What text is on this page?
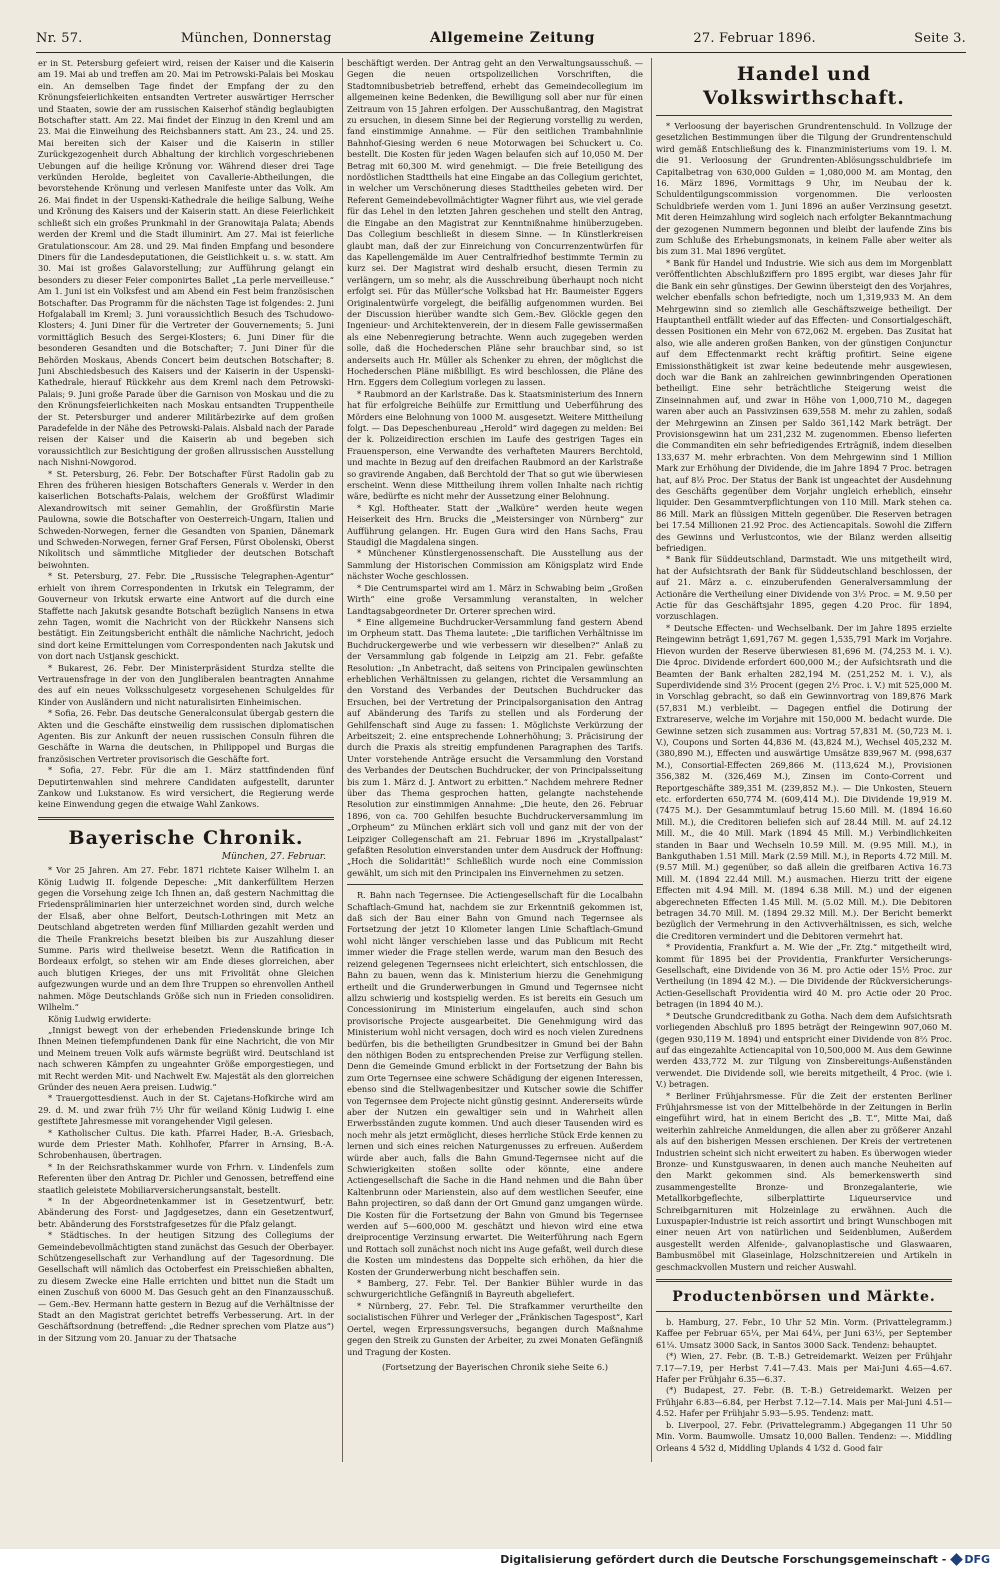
Nr. 57.	München, Donnerstag	Allgemeine Zeitung	27. Februar 1896.	Seite 3.

er in St. Petersburg gefeiert wird, reisen der Kaiser und die Kaiserin am 19. Mai ab und treffen am 20. Mai im Petrowski-Palais bei Moskau ein. An demselben Tage findet der Empfang der zu den Krönungsfeierlichkeiten entsandten Vertreter auswärtiger Herrscher und Staaten, sowie der am russischen Kaiserhof ständig beglaubigten Botschafter statt. Am 22. Mai findet der Einzug in den Kreml und am 23. Mai die Einweihung des Reichsbanners statt. Am 23., 24. und 25. Mai bereiten sich der Kaiser und die Kaiserin in stiller Zurückgezogenheit durch Abhaltung der kirchlich vorgeschriebenen Uebungen auf die heilige Krönung vor. Während dieser drei Tage verkünden Herolde, begleitet von Cavallerie-Abtheilungen, die bevorstehende Krönung und verlesen Manifeste unter das Volk. Am 26. Mai findet in der Uspenski-Kathedrale die heilige Salbung, Weihe und Krönung des Kaisers und der Kaiserin statt. An diese Feierlichkeit schließt sich ein großes Prunkmahl in der Granowitaja Palata; Abends werden der Kreml und die Stadt illuminirt. Am 27. Mai ist feierliche Gratulationscour. Am 28. und 29. Mai finden Empfang und besondere Diners für die Landesdeputationen, die Geistlichkeit u. s. w. statt. Am 30. Mai ist großes Galavorstellung; zur Aufführung gelangt ein besonders zu dieser Feier componirtes Ballet „La perle merveilleuse.“ Am 1. Juni ist ein Volksfest und am Abend ein Fest beim französischen Botschafter. Das Programm für die nächsten Tage ist folgendes: 2. Juni Hofgalaball im Kreml; 3. Juni voraussichtlich Besuch des Tschudowo-Klosters; 4. Juni Diner für die Vertreter der Gouvernements; 5. Juni vormittäglich Besuch des Sergei-Klosters; 6. Juni Diner für die besonderen Gesandten und die Botschafter; 7. Juni Diner für die Behörden Moskaus, Abends Concert beim deutschen Botschafter; 8. Juni Abschiedsbesuch des Kaisers und der Kaiserin in der Uspenski-Kathedrale, hierauf Rückkehr aus dem Kreml nach dem Petrowski-Palais; 9. Juni große Parade über die Garnison von Moskau und die zu den Krönungsfeierlichkeiten nach Moskau entsandten Truppentheile der St. Petersburger und anderer Militärbezirke auf dem großen Paradefelde in der Nähe des Petrowski-Palais. Alsbald nach der Parade reisen der Kaiser und die Kaiserin ab und begeben sich voraussichtlich zur Besichtigung der großen allrussischen Ausstellung nach Nishni-Nowgorod.

* St. Petersburg, 26. Febr. Der Botschafter Fürst Radolin gab zu Ehren des früheren hiesigen Botschafters Generals v. Werder in den kaiserlichen Botschafts-Palais, welchem der Großfürst Wladimir Alexandrowitsch mit seiner Gemahlin, der Großfürstin Marie Paulowna, sowie die Botschafter von Oesterreich-Ungarn, Italien und Schweden-Norwegen, ferner die Gesandten von Spanien, Dänemark und Schweden-Norwegen, ferner Graf Fersen, Fürst Obolenski, Oberst Nikolitsch und sämmtliche Mitglieder der deutschen Botschaft beiwohnten.

* St. Petersburg, 27. Febr. Die „Russische Telegraphen-Agentur“ erhielt von ihrem Correspondenten in Irkutsk ein Telegramm, der Gouverneur von Irkutsk erwarte eine Antwort auf die durch eine Staffette nach Jakutsk gesandte Botschaft bezüglich Nansens in etwa zehn Tagen, womit die Nachricht von der Rückkehr Nansens sich bestätigt. Ein Zeitungsbericht enthält die nämliche Nachricht, jedoch sind dort keine Ermittelungen vom Correspondenten nach Jakutsk und von dort nach Ustjansk geschickt.

* Bukarest, 26. Febr. Der Ministerpräsident Sturdza stellte die Vertrauensfrage in der von den Jungliberalen beantragten Annahme des auf ein neues Volksschulgesetz vorgesehenen Schulgeldes für Kinder von Ausländern und nicht naturalisirten Einheimischen.

* Sofia, 26. Febr. Das deutsche Generalconsulat übergab gestern die Akten und die Geschäfte einstweilig dem russischen diplomatischen Agenten. Bis zur Ankunft der neuen russischen Consuln führen die Geschäfte in Warna die deutschen, in Philippopel und Burgas die französischen Vertreter provisorisch die Geschäfte fort.

* Sofia, 27. Febr. Für die am 1. März stattfindenden fünf Deputirtenwahlen sind mehrere Candidaten aufgestellt, darunter Zankow und Lukstanow. Es wird versichert, die Regierung werde keine Einwendung gegen die etwaige Wahl Zankows.

Bayerische Chronik.
München, 27. Februar.

* Vor 25 Jahren. Am 27. Febr. 1871 richtete Kaiser Wilhelm I. an König Ludwig II. folgende Depesche: „Mit dankerfülltem Herzen gegen die Vorsehung zeige Ich Ihnen an, daß gestern Nachmittag die Friedenspräliminarien hier unterzeichnet worden sind, durch welche der Elsaß, aber ohne Belfort, Deutsch-Lothringen mit Metz an Deutschland abgetreten werden fünf Milliarden gezahlt werden und die Theile Frankreichs besetzt bleiben bis zur Auszahlung dieser Summe. Paris wird theilweise besetzt. Wenn die Ratification in Bordeaux erfolgt, so stehen wir am Ende dieses glorreichen, aber auch blutigen Krieges, der uns mit Frivolität ohne Gleichen aufgezwungen wurde und an dem Ihre Truppen so ehrenvollen Antheil nahmen. Möge Deutschlands Größe sich nun in Frieden consolidiren. Wilhelm.“

König Ludwig erwiderte:

„Innigst bewegt von der erhebenden Friedenskunde bringe Ich Ihnen Meinen tiefempfundenen Dank für eine Nachricht, die von Mir und Meinem treuen Volk aufs wärmste begrüßt wird. Deutschland ist nach schweren Kämpfen zu ungeahnter Größe emporgestiegen, und mit Recht werden Mit- und Nachwelt Ew. Majestät als den glorreichen Gründer des neuen Aera preisen. Ludwig.“

* Trauergottesdienst. Auch in der St. Cajetans-Hofkirche wird am 29. d. M. und zwar früh 7½ Uhr für weiland König Ludwig I. eine gestiftete Jahresmesse mit vorangehender Vigil gelesen.

* Katholischer Cultus. Die kath. Pfarrei Hader, B.-A. Griesbach, wurde dem Priester Math. Kohlhofer, Pfarrer in Arnsing, B.-A. Schrobenhausen, übertragen.

* In der Reichsrathskammer wurde von Frhrn. v. Lindenfels zum Referenten über den Antrag Dr. Pichler und Genossen, betreffend eine staatlich geleistete Mobiliarversicherungsanstalt, bestellt.

* In der Abgeordnetenkammer ist in Gesetzentwurf, betr. Abänderung des Forst- und Jagdgesetzes, dann ein Gesetzentwurf, betr. Abänderung des Forststrafgesetzes für die Pfalz gelangt.

* Städtisches. In der heutigen Sitzung des Collegiums der Gemeindebevollmächtigten stand zunächst das Gesuch der Oberbayer. Schützengesellschaft zur Verhandlung auf der Tagesordnung. Die Gesellschaft will nämlich das Octoberfest ein Preisschießen abhalten, zu diesem Zwecke eine Halle errichten und bittet nun die Stadt um einen Zuschuß von 6000 M. Das Gesuch geht an den Finanzausschuß. — Gem.-Bev. Hermann hatte gestern in Bezug auf die Verhältnisse der Stadt an den Magistrat gerichtet betreffs Verbesserung. Art. in der Geschäftsordnung (betreffend: „die Redner sprechen vom Platze aus“) in der Sitzung vom 20. Januar zu der Thatsache

beschäftigt werden. Der Antrag geht an den Verwaltungsausschuß. — Gegen die neuen ortspolizeilichen Vorschriften, die Stadtomnibusbetrieb betreffend, erhebt das Gemeindecollegium im allgemeinen keine Bedenken, die Bewilligung soll aber nur für einen Zeitraum von 15 Jahren erfolgen. Der Ausschußantrag, den Magistrat zu ersuchen, in diesem Sinne bei der Regierung vorstellig zu werden, fand einstimmige Annahme. — Für den seitlichen Trambahnlinie Bahnhof-Giesing werden 6 neue Motorwagen bei Schuckert u. Co. bestellt. Die Kosten für jeden Wagen belaufen sich auf 10,050 M. Der Betrag mit 60,300 M. wird genehmigt. — Die freie Beteiligung des nordöstlichen Stadttheils hat eine Eingabe an das Collegium gerichtet, in welcher um Verschönerung dieses Stadttheiles gebeten wird. Der Referent Gemeindebevollmächtigter Wagner führt aus, wie viel gerade für das Lehel in den letzten Jahren geschehen und stellt den Antrag, die Eingabe an den Magistrat zur Kenntnißnahme hinüberzugeben. Das Collegium beschließt in diesem Sinne. — In Künstlerkreisen glaubt man, daß der zur Einreichung von Concurrenzentwürfen für das Kapellengemälde im Auer Centralfriedhof bestimmte Termin zu kurz sei. Der Magistrat wird deshalb ersucht, diesen Termin zu verlängern, um so mehr, als die Ausschreibung überhaupt noch nicht erfolgt sei. Für das Müller'sche Volksbad hat Hr. Baumeister Eggers Originalentwürfe vorgelegt, die beifällig aufgenommen wurden. Bei der Discussion hierüber wandte sich Gem.-Bev. Glöckle gegen den Ingenieur- und Architektenverein, der in diesem Falle gewissermaßen als eine Nebenregierung betrachte. Wenn auch zugegeben werden solle, daß die Hochederschen Pläne sehr brauchbar sind, so ist anderseits auch Hr. Müller als Schenker zu ehren, der möglichst die Hochederschen Pläne mißbilligt. Es wird beschlossen, die Pläne des Hrn. Eggers dem Collegium vorlegen zu lassen.

* Raubmord an der Karlstraße. Das k. Staatsministerium des Innern hat für erfolgreiche Beihülfe zur Ermittlung und Ueberführung des Mörders eine Belohnung von 1000 M. ausgesetzt. Weitere Mittheilung folgt. — Das Depeschenbureau „Herold“ wird dagegen zu melden: Bei der k. Polizeidirection erschien im Laufe des gestrigen Tages ein Frauensperson, eine Verwandte des verhafteten Maurers Berchtold, und machte in Bezug auf den dreifachen Raubmord an der Karlstraße so gravirende Angaben, daß Berchtold der That so gut wie überwiesen erscheint. Wenn diese Mittheilung ihrem vollen Inhalte nach richtig wäre, bedürfte es nicht mehr der Aussetzung einer Belohnung.

* Kgl. Hoftheater. Statt der „Walküre“ werden heute wegen Heiserkeit des Hrn. Brucks die „Meistersinger von Nürnberg“ zur Aufführung gelangen. Hr. Eugen Gura wird den Hans Sachs, Frau Staudigl die Magdalena singen.

* Münchener Künstlergenossenschaft. Die Ausstellung aus der Sammlung der Historischen Commission am Königsplatz wird Ende nächster Woche geschlossen.

* Die Centrumspartei wird am 1. März in Schwabing beim „Großen Wirth“ eine große Versammlung veranstalten, in welcher Landtagsabgeordneter Dr. Orterer sprechen wird.

* Eine allgemeine Buchdrucker-Versammlung fand gestern Abend im Orpheum statt. Das Thema lautete: „Die tariflichen Verhältnisse im Buchdruckergewerbe und wie verbessern wir dieselben?“ Anlaß zu der Versammlung gab folgende in Leipzig am 21. Febr. gefaßte Resolution: „In Anbetracht, daß seitens von Principalen gewünschten erheblichen Verhältnissen zu gelangen, richtet die Versammlung an den Vorstand des Verbandes der Deutschen Buchdrucker das Ersuchen, bei der Vertretung der Principalsorganisation den Antrag auf Abänderung des Tarifs zu stellen und als Forderung der Gehilfenschaft sind Auge zu fassen: 1. Möglichste Verkürzung der Arbeitszeit; 2. eine entsprechende Lohnerhöhung; 3. Präcisirung der durch die Praxis als streitig empfundenen Paragraphen des Tarifs. Unter vorstehende Anträge ersucht die Versammlung den Vorstand des Verbandes der Deutschen Buchdrucker, der von Principalsseitung bis zum 1. März d. J. Antwort zu erbitten.“ Nachdem mehrere Redner über das Thema gesprochen hatten, gelangte nachstehende Resolution zur einstimmigen Annahme: „Die heute, den 26. Februar 1896, von ca. 700 Gehilfen besuchte Buchdruckerversammlung im „Orpheum“ zu München erklärt sich voll und ganz mit der von der Leipziger Collegenschaft am 21. Februar 1896 im „Krystallpalast“ gefaßten Resolution einverstanden unter dem Ausdruck der Hoffnung: „Hoch die Solidarität!“ Schließlich wurde noch eine Commission gewählt, um sich mit den Principalen ins Einvernehmen zu setzen.

R. Bahn nach Tegernsee. Die Actiengesellschaft für die Localbahn Schaftlach-Gmund hat, nachdem sie zur Erkenntniß gekommen ist, daß sich der Bau einer Bahn von Gmund nach Tegernsee als Fortsetzung der jetzt 10 Kilometer langen Linie Schaftlach-Gmund wohl nicht länger verschieben lasse und das Publicum mit Recht immer wieder die Frage stellen werde, warum man den Besuch des reizend gelegenen Tegernsees nicht erleichtert, sich entschlossen, die Bahn zu bauen, wenn das k. Ministerium hierzu die Genehmigung ertheilt und die Grunderwerbungen in Gmund und Tegernsee nicht allzu schwierig und kostspielig werden. Es ist bereits ein Gesuch um Concessionirung im Ministerium eingelaufen, auch sind schon provisorische Projecte ausgearbeitet. Die Genehmigung wird das Ministerium wohl nicht versagen, doch wird es noch vielen Zurednens bedürfen, bis die betheiligten Grundbesitzer in Gmund bei der Bahn den nöthigen Boden zu entsprechenden Preise zur Verfügung stellen. Denn die Gemeinde Gmund erblickt in der Fortsetzung der Bahn bis zum Orte Tegernsee eine schwere Schädigung der eigenen Interessen, ebenso sind die Stellwagenbesitzer und Kutscher sowie die Schiffer von Tegernsee dem Projecte nicht günstig gesinnt. Andererseits würde aber der Nutzen ein gewaltiger sein und in Wahrheit allen Erwerbsständen zugute kommen. Und auch dieser Tausenden wird es noch mehr als jetzt ermöglicht, dieses herrliche Stück Erde kennen zu lernen und sich eines reichen Naturgenusses zu erfreuen. Außerdem würde aber auch, falls die Bahn Gmund-Tegernsee nicht auf die Schwierigkeiten stoßen sollte oder könnte, eine andere Actiengesellschaft die Sache in die Hand nehmen und die Bahn über Kaltenbrunn oder Marienstein, also auf dem westlichen Seeufer, eine Bahn projectiren, so daß dann der Ort Gmund ganz umgangen würde. Die Kosten für die Fortsetzung der Bahn von Gmund bis Tegernsee werden auf 5—600,000 M. geschätzt und hievon wird eine etwa dreiprocentige Verzinsung erwartet. Die Weiterführung nach Egern und Rottach soll zunächst noch nicht ins Auge gefaßt, weil durch diese die Kosten um mindestens das Doppelte sich erhöhen, da hier die Kosten der Grunderwerbung nicht beschaffen sein.

* Bamberg, 27. Febr. Tel. Der Bankier Bühler wurde in das schwurgerichtliche Gefängniß in Bayreuth abgeliefert.

* Nürnberg, 27. Febr. Tel. Die Strafkammer verurtheilte den socialistischen Führer und Verleger der „Fränkischen Tagespost“, Karl Oertel, wegen Erpressungsversuchs, begangen durch Maßnahme gegen den Streik zu Gunsten der Arbeiter, zu zwei Monaten Gefängniß und Tragung der Kosten.

(Fortsetzung der Bayerischen Chronik siehe Seite 6.)
Handel und Volkswirthschaft.

* Verloosung der bayerischen Grundrentenschuld. In Vollzuge der gesetzlichen Bestimmungen über die Tilgung der Grundrentenschuld wird gemäß Entschließung des k. Finanzministeriums vom 19. l. M. die 91. Verloosung der Grundrenten-Ablösungsschuldbriefe im Capitalbetrag von 630,000 Gulden = 1,080,000 M. am Montag, den 16. März 1896, Vormittags 9 Uhr, im Neubau der k. Schuldentilgungscommission vorgenommen. Die verloosten Schuldbriefe werden vom 1. Juni 1896 an außer Verzinsung gesetzt. Mit deren Heimzahlung wird sogleich nach erfolgter Bekanntmachung der gezogenen Nummern begonnen und bleibt der laufende Zins bis zum Schluße des Erhebungsmonats, in keinem Falle aber weiter als bis zum 31. Mai 1896 vergütet.

* Bank für Handel und Industrie. Wie sich aus dem im Morgenblatt veröffentlichten Abschlußziffern pro 1895 ergibt, war dieses Jahr für die Bank ein sehr günstiges. Der Gewinn übersteigt den des Vorjahres, welcher ebenfalls schon befriedigte, noch um 1,319,933 M. An dem Mehrgewinn sind so ziemlich alle Geschäftszweige betheiligt. Der Hauptantheil entfällt wieder auf das Effecten- und Consortialgeschäft, dessen Positionen ein Mehr von 672,062 M. ergeben. Das Zusitat hat also, wie alle anderen großen Banken, von der günstigen Conjunctur auf dem Effectenmarkt recht kräftig profitirt. Seine eigene Emissionsthätigkeit ist zwar keine bedeutende mehr ausgewiesen, doch war die Bank an zahlreichen gewinnbringenden Operationen betheiligt. Eine sehr beträchtliche Steigerung weist die Zinseinnahmen auf, und zwar in Höhe von 1,000,710 M., dagegen waren aber auch an Passivzinsen 639,558 M. mehr zu zahlen, sodaß der Mehrgewinn an Zinsen per Saldo 361,142 Mark beträgt. Der Provisionsgewinn hat um 231,232 M. zugenommen. Ebenso lieferten die Commanditen ein sehr befriedigendes Erträgniß, indem dieselben 133,637 M. mehr erbrachten. Von dem Mehrgewinn sind 1 Million Mark zur Erhöhung der Dividende, die im Jahre 1894 7 Proc. betragen hat, auf 8⅓ Proc. Der Status der Bank ist ungeachtet der Ausdehnung des Geschäfts gegenüber dem Vorjahr ungleich erheblich, einsehr liquider. Den Gesammtverpflichtungen von 110 Mill. Mark stehen ca. 86 Mill. Mark an flüssigen Mitteln gegenüber. Die Reserven betragen bei 17.54 Millionen 21.92 Proc. des Actiencapitals. Sowohl die Ziffern des Gewinns und Verlustcontos, wie der Bilanz werden allseitig befriedigen.

* Bank für Süddeutschland, Darmstadt. Wie uns mitgetheilt wird, hat der Aufsichtsrath der Bank für Süddeutschland beschlossen, der auf 21. März a. c. einzuberufenden Generalversammlung der Actionäre die Vertheilung einer Dividende von 3½ Proc. = M. 9.50 per Actie für das Geschäftsjahr 1895, gegen 4.20 Proc. für 1894, vorzuschlagen.

* Deutsche Effecten- und Wechselbank. Der im Jahre 1895 erzielte Reingewinn beträgt 1,691,767 M. gegen 1,535,791 Mark im Vorjahre. Hievon wurden der Reserve überwiesen 81,696 M. (74,253 M. i. V.). Die 4proc. Dividende erfordert 600,000 M.; der Aufsichtsrath und die Beamten der Bank erhalten 282,194 M. (251,252 M. i. V.), als Superdividende sind 3½ Procent (gegen 2½ Proc. i. V.) mit 525,000 M. in Vorschlag gebracht, so daß ein Gewinnvortrag von 189,876 Mark (57,831 M.) verbleibt. — Dagegen entfiel die Dotirung der Extrareserve, welche im Vorjahre mit 150,000 M. bedacht wurde. Die Gewinne setzen sich zusammen aus: Vortrag 57,831 M. (50,723 M. i. V.), Coupons und Sorten 44,836 M. (43,824 M.), Wechsel 405,232 M. (380,890 M.), Effecten und auswärtige Umsätze 839,967 M. (998,637 M.), Consortial-Effecten 269,866 M. (113,624 M.), Provisionen 356,382 M. (326,469 M.), Zinsen im Conto-Corrent und Reportgeschäfte 389,351 M. (239,852 M.). — Die Unkosten, Steuern etc. erforderten 650,774 M. (609,414 M.). Die Dividende 19,919 M. (7475 M.). Der Gesammtumlauf betrug 15.60 Mill. M. (1894 16.60 Mill. M.), die Creditoren beliefen sich auf 28.44 Mill. M. auf 24.12 Mill. M., die 40 Mill. Mark (1894 45 Mill. M.) Verbindlichkeiten standen in Baar und Wechseln 10.59 Mill. M. (9.95 Mill. M.), in Bankguthaben 1.51 Mill. Mark (2.59 Mill. M.), in Reports 4.72 Mill. M. (9.57 Mill. M.) gegenüber, so daß allein die greifbaren Activa 16.73 Mill. M. (1894 22.44 Mill. M.) ausmachen. Hierzu tritt der eigene Effecten mit 4.94 Mill. M. (1894 6.38 Mill. M.) und der eigenen abgerechneten Effecten 1.45 Mill. M. (5.02 Mill. M.). Die Debitoren betragen 34.70 Mill. M. (1894 29.32 Mill. M.). Der Bericht bemerkt bezüglich der Vermehrung in den Activverhältnissen, es sich, welche die Creditoren vermindert und die Debitoren vermehrt hat.

* Providentia, Frankfurt a. M. Wie der „Fr. Ztg.“ mitgetheilt wird, kommt für 1895 bei der Providentia, Frankfurter Versicherungs-Gesellschaft, eine Dividende von 36 M. pro Actie oder 15½ Proc. zur Vertheilung (in 1894 42 M.). — Die Dividende der Rückversicherungs-Actien-Gesellschaft Providentia wird 40 M. pro Actie oder 20 Proc. betragen (in 1894 40 M.).

* Deutsche Grundcreditbank zu Gotha. Nach dem dem Aufsichtsrath vorliegenden Abschluß pro 1895 beträgt der Reingewinn 907,060 M. (gegen 930,119 M. 1894) und entspricht einer Dividende von 8⅔ Proc. auf das eingezahlte Actiencapital von 10,500,000 M. Aus dem Gewinne werden 433,772 M. zur Tilgung von Zinsbereitungs-Außenständen verwendet. Die Dividende soll, wie bereits mitgetheilt, 4 Proc. (wie i. V.) betragen.

* Berliner Frühjahrsmesse. Für die Zeit der erstenten Berliner Frühjahrsmesse ist von der Mittelbehörde in der Zeitungen in Berlin eingeführt wird, hat in einem Bericht des „B. T.“, Mitte Mai, daß weiterhin zahlreiche Anmeldungen, die allen aber zu größerer Anzahl als auf den bisherigen Messen erschienen. Der Kreis der vertretenen Industrien scheint sich nicht erweitert zu haben. Es überwogen wieder Bronze- und Kunstguswaaren, in denen auch manche Neuheiten auf den Markt gekommen sind. Als bemerkenswerth sind zusammengestellte Bronze- und Bronzegalanterie, wie Metallkorbgeflechte, silberplattirte Liqueurservice und Schreibgarnituren mit Holzeinlage zu erwähnen. Auch die Luxuspapier-Industrie ist reich assortirt und bringt Wunschbogen mit einer neuen Art von natürlichen und Seidenblumen, Außerdem ausgestellt werden Alfenide-, galvanoplastische und Glaswaaren, Bambusmöbel mit Glaseinlage, Holzschnitzereien und Artikeln in geschmackvollen Mustern und reicher Auswahl.

Productenbörsen und Märkte.

b. Hamburg, 27. Febr., 10 Uhr 52 Min. Vorm. (Privattelegramm.) Kaffee per Februar 65¼, per Mai 64¼, per Juni 63½, per September 61¼. Umsatz 3000 Sack, in Santos 3000 Sack. Tendenz: behauptet.

(*) Wien, 27. Febr. (B. T.-B.) Getreidemarkt. Weizen per Frühjahr 7.17—7.19, per Herbst 7.41—7.43. Mais per Mai-Juni 4.65—4.67. Hafer per Frühjahr 6.35—6.37.

(*) Budapest, 27. Febr. (B. T.-B.) Getreidemarkt. Weizen per Frühjahr 6.83—6.84, per Herbst 7.12—7.14. Mais per Mai-Juni 4.51—4.52. Hafer per Frühjahr 5.93—5.95. Tendenz: matt.

b. Liverpool, 27. Febr. (Privattelegramm.) Abgegangen 11 Uhr 50 Min. Vorm. Baumwolle. Umsatz 10,000 Ballen. Tendenz: —. Middling Orleans 4 5⁄32 d, Middling Uplands 4 1⁄32 d. Good fair

Digitalisierung gefördert durch die Deutsche Forschungsgemeinschaft - DFG
